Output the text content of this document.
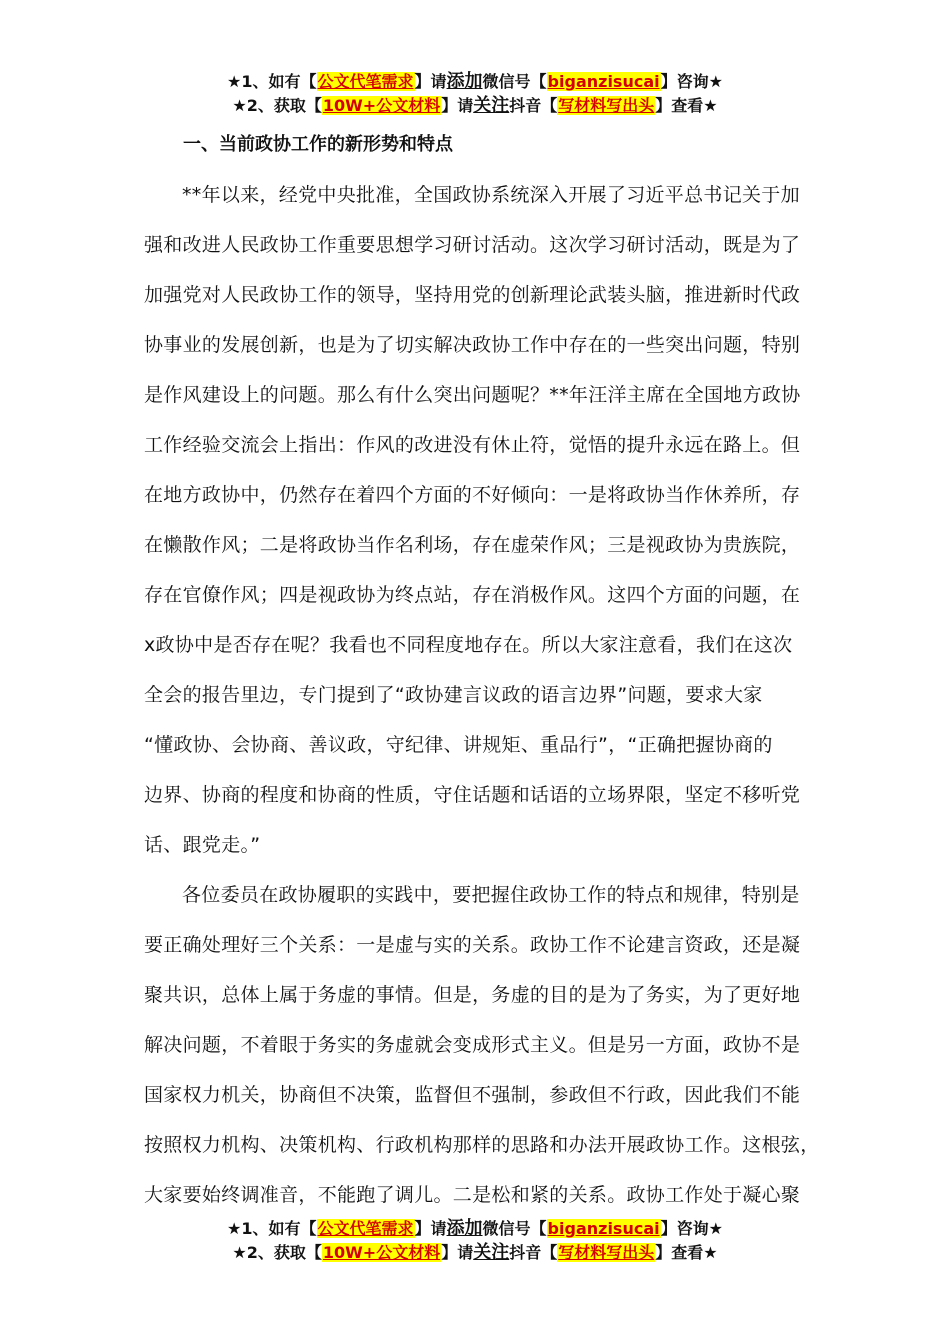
★1、如有【公文代笔需求】请添加微信号【biganzisucai】咨询★
★2、获取【10W+公文材料】请关注抖音【写材料写出头】查看★
一、当前政协工作的新形势和特点
**年以来，经党中央批准，全国政协系统深入开展了习近平总书记关于加
强和改进人民政协工作重要思想学习研讨活动。这次学习研讨活动，既是为了
加强党对人民政协工作的领导，坚持用党的创新理论武装头脑，推进新时代政
协事业的发展创新，也是为了切实解决政协工作中存在的一些突出问题，特别
是作风建设上的问题。那么有什么突出问题呢？**年汪洋主席在全国地方政协
工作经验交流会上指出：作风的改进没有休止符，觉悟的提升永远在路上。但
在地方政协中，仍然存在着四个方面的不好倾向：一是将政协当作休养所，存
在懒散作风；二是将政协当作名利场，存在虚荣作风；三是视政协为贵族院，
存在官僚作风；四是视政协为终点站，存在消极作风。这四个方面的问题，在
x政协中是否存在呢？我看也不同程度地存在。所以大家注意看，我们在这次
全会的报告里边，专门提到了“政协建言议政的语言边界”问题，要求大家
“懂政协、会协商、善议政，守纪律、讲规矩、重品行”，“正确把握协商的
边界、协商的程度和协商的性质，守住话题和话语的立场界限，坚定不移听党
话、跟党走。”
各位委员在政协履职的实践中，要把握住政协工作的特点和规律，特别是
要正确处理好三个关系：一是虚与实的关系。政协工作不论建言资政，还是凝
聚共识，总体上属于务虚的事情。但是，务虚的目的是为了务实，为了更好地
解决问题，不着眼于务实的务虚就会变成形式主义。但是另一方面，政协不是
国家权力机关，协商但不决策，监督但不强制，参政但不行政，因此我们不能
按照权力机构、决策机构、行政机构那样的思路和办法开展政协工作。这根弦，
大家要始终调准音，不能跑了调儿。二是松和紧的关系。政协工作处于凝心聚
★1、如有【公文代笔需求】请添加微信号【biganzisucai】咨询★
★2、获取【10W+公文材料】请关注抖音【写材料写出头】查看★
